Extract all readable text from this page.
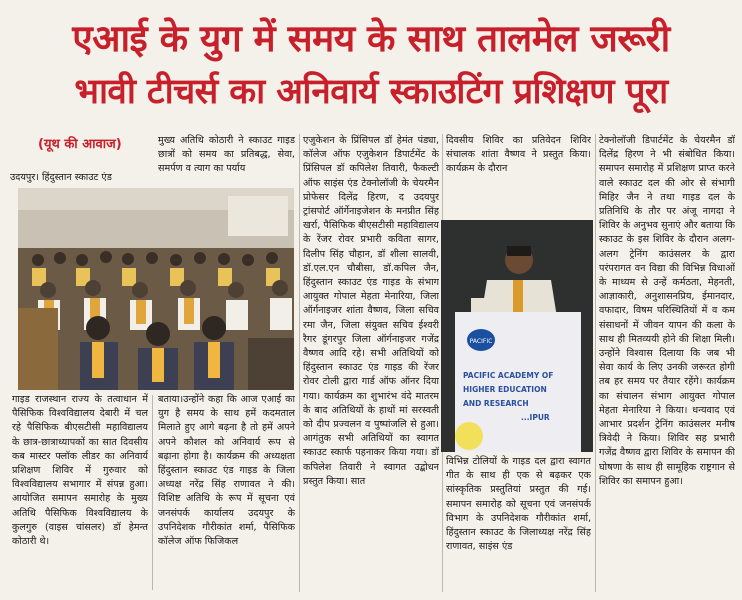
एआई के युग में समय के साथ तालमेल जरूरी
भावी टीचर्स का अनिवार्य स्काउटिंग प्रशिक्षण पूरा
(यूथ की आवाज)
उदयपुर। हिंदुस्तान स्काउट एंड

गाइड राजस्थान राज्य के तत्वाधान में पैसिफिक विश्वविद्यालय देबारी में चल रहे पैसिफिक बीएसटीसी महाविद्यालय के छात्र-छात्राध्यापकों का सात दिवसीय कब मास्टर फ्लॉक लीडर का अनिवार्य प्रशिक्षण शिविर में गुरुवार को विश्वविद्यालय सभागार में संपन्न हुआ।आयोजित समापन समारोह के मुख्य अतिथि पैसिफिक विश्वविद्यालय के कुलगुरु (वाइस चांसलर) डॉ हेमन्त कोठारी थे।

मुख्य अतिथि कोठारी ने स्काउट गाइड छात्रों को समय का प्रतिबद्ध, सेवा, समर्पण व त्याग का पर्याय

बताया।उन्होंने कहा कि आज एआई का युग है समय के साथ हमें कदमताल मिलाते हुए आगे बढ़ना है तो हमें अपने अपने कौशल को अनिवार्य रूप से बढ़ाना होगा है। कार्यक्रम की अध्यक्षता हिंदुस्तान स्काउट एंड गाइड के जिला अध्यक्ष नरेंद्र सिंह राणावत ने की। विशिष्ट अतिथि के रूप में सूचना एवं जनसंपर्क कार्यालय उदयपुर के उपनिदेशक गौरीकांत शर्मा, पैसिफिक कॉलेज ऑफ फिजिकल

एजुकेशन के प्रिंसिपल डॉ हेमंत पंड्या, कॉलेज ऑफ एजुकेशन डिपार्टमेंट के प्रिंसिपल डॉ कपिलेश तिवारी, फैकल्टी ऑफ साइंस एंड टेक्नोलॉजी के चेयरमैन प्रोफेसर दिलेंद्र हिरण, द उदयपुर ट्रांसपोर्ट ऑर्गेनाइजेशन के मनप्रीत सिंह खर्रा, पैसिफिक बीएसटीसी महाविद्यालय के रेंजर रोवर प्रभारी कविता सागर, दिलीप सिंह चौहान, डॉ शीला सालवी, डॉ.एल.एन चौबीसा, डॉ.कपिल जैन, हिंदुस्तान स्काउट एंड गाइड के संभाग आयुक्त गोपाल मेहता मेनारिया, जिला ऑर्गनाइजर शांता वैष्णव, जिला सचिव रमा जैन, जिला संयुक्त सचिव ईश्वरी रैगर डूंगरपुर जिला ऑर्गनाइजर गजेंद्र वैष्णव आदि रहे। सभी अतिथियों को हिंदुस्तान स्काउट एंड गाइड की रेंजर रोवर टोली द्वारा गार्ड ऑफ ऑनर दिया गया। कार्यक्रम का शुभारंभ वंदे मातरम के बाद अतिथियों के हाथों मां सरस्वती को दीप प्रज्वलन व पुष्पांजलि से हुआ। आगंतुक सभी अतिथियों का स्वागत स्काउट स्कार्फ पहनाकर किया गया। डॉ कपिलेश तिवारी ने स्वागत उद्बोधन प्रस्तुत किया। सात

दिवसीय शिविर का प्रतिवेदन शिविर संचालक शांता वैष्णव ने प्रस्तुत किया। कार्यक्रम के दौरान

PACIFIC
PACIFIC ACADEMY OF
HIGHER EDUCATION
AND RESEARCH
...IPUR

विभिन्न टोलियों के गाइड दल द्वारा स्वागत गीत के साथ ही एक से बढ़कर एक सांस्कृतिक प्रस्तुतियां प्रस्तुत की गई। समापन समारोह को सूचना एवं जनसंपर्क विभाग के उपनिदेशक गौरीकांत शर्मा, हिंदुस्तान स्काउट के जिलाध्यक्ष नरेंद्र सिंह राणावत, साइंस एंड

टेक्नोलॉजी डिपार्टमेंट के चेयरमैन डॉ दिलेंद्र हिरण ने भी संबोधित किया।समापन समारोह में प्रशिक्षण प्राप्त करने वाले स्काउट दल की ओर से संभागी मिहिर जैन ने तथा गाइड दल के प्रतिनिधि के तौर पर अंजू नागदा ने शिविर के अनुभव सुनाएं और बताया कि स्काउट के इस शिविर के दौरान अलग-अलग ट्रेनिंग काउंसलर के द्वारा परंपरागत वन विद्या की विभिन्न विधाओं के माध्यम से उन्हें कर्मठता, मेहनती, आज्ञाकारी, अनुशासनप्रिय, ईमानदार, वफादार, विषम परिस्थितियों में व कम संसाधनों में जीवन यापन की कला के साथ ही मितव्ययी होने की शिक्षा मिली। उन्होंने विश्वास दिलाया कि जब भी सेवा कार्य के लिए उनकी जरूरत होगी तब हर समय पर तैयार रहेंगे। कार्यक्रम का संचालन संभाग आयुक्त गोपाल मेहता मेनारिया ने किया। धन्यवाद एवं आभार प्रदर्शन ट्रेनिंग काउंसलर मनीष त्रिवेदी ने किया। शिविर सह प्रभारी गजेंद्र वैष्णव द्वारा शिविर के समापन की घोषणा के साथ ही सामूहिक राष्ट्रगान से शिविर का समापन हुआ।
